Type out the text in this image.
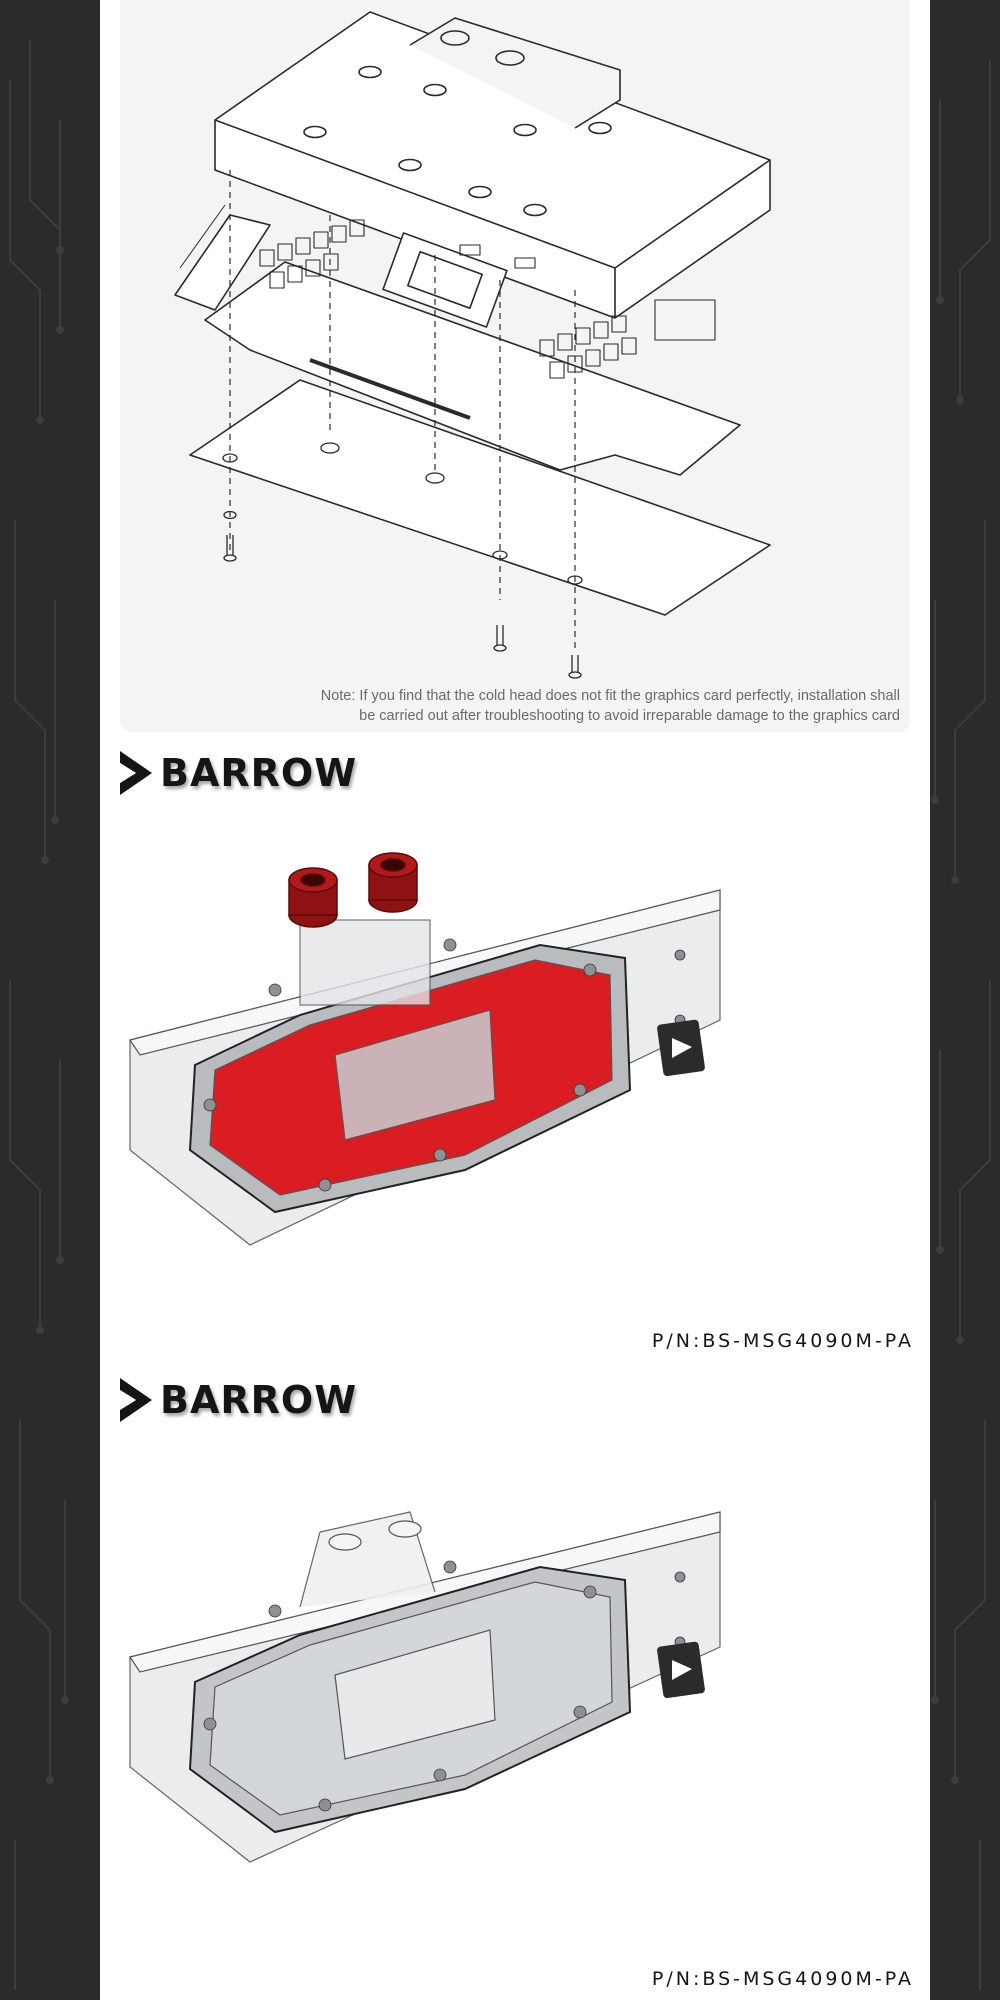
Note: If you find that the cold head does not fit the graphics card perfectly, installation shall
be carried out after troubleshooting to avoid irreparable damage to the graphics card
BARROW
P/N:BS-MSG4090M-PA
BARROW
P/N:BS-MSG4090M-PA
